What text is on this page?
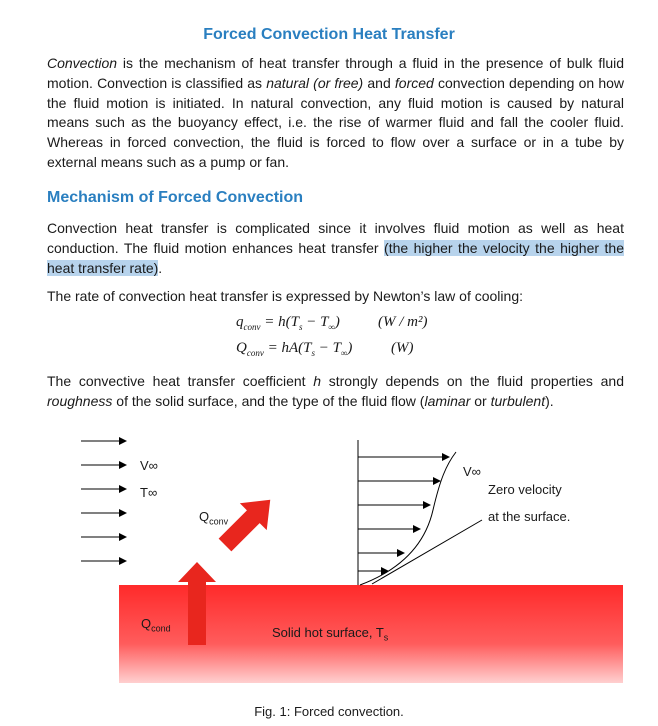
Forced Convection Heat Transfer
Convection is the mechanism of heat transfer through a fluid in the presence of bulk fluid motion. Convection is classified as natural (or free) and forced convection depending on how the fluid motion is initiated. In natural convection, any fluid motion is caused by natural means such as the buoyancy effect, i.e. the rise of warmer fluid and fall the cooler fluid. Whereas in forced convection, the fluid is forced to flow over a surface or in a tube by external means such as a pump or fan.
Mechanism of Forced Convection
Convection heat transfer is complicated since it involves fluid motion as well as heat conduction. The fluid motion enhances heat transfer (the higher the velocity the higher the heat transfer rate).
The rate of convection heat transfer is expressed by Newton’s law of cooling:
$q_{conv} = h(T_s - T_\infty)$	(W / m²)
$Q_{conv} = hA(T_s - T_\infty)$	(W)
The convective heat transfer coefficient h strongly depends on the fluid properties and roughness of the solid surface, and the type of the fluid flow (laminar or turbulent).
V∞
T∞
$Q_{conv}$
$Q_{cond}$
V∞
Zero velocity
at the surface.
Solid hot surface, $T_s$
Fig. 1: Forced convection.
